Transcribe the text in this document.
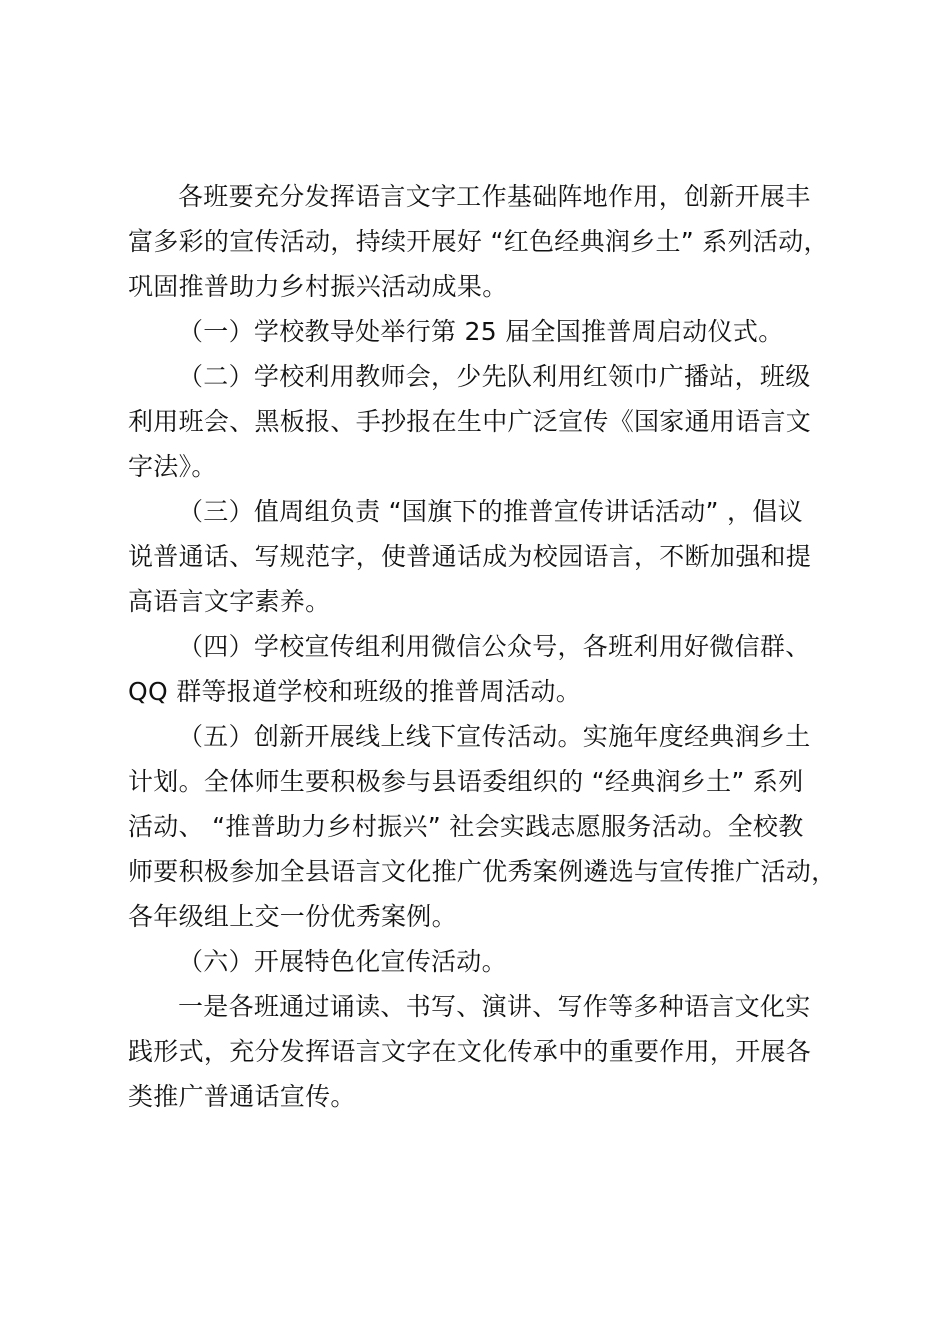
各班要充分发挥语言文字工作基础阵地作用，创新开展丰
富多彩的宣传活动，持续开展好 “红色经典润乡土” 系列活动，
巩固推普助力乡村振兴活动成果。

（一）学校教导处举行第 25 届全国推普周启动仪式。

（二）学校利用教师会，少先队利用红领巾广播站，班级
利用班会、黑板报、手抄报在生中广泛宣传《国家通用语言文
字法》。

（三）值周组负责 “国旗下的推普宣传讲话活动” ，倡议
说普通话、写规范字，使普通话成为校园语言，不断加强和提
高语言文字素养。

（四）学校宣传组利用微信公众号，各班利用好微信群、
QQ 群等报道学校和班级的推普周活动。

（五）创新开展线上线下宣传活动。实施年度经典润乡土
计划。全体师生要积极参与县语委组织的 “经典润乡土” 系列
活动、 “推普助力乡村振兴” 社会实践志愿服务活动。全校教
师要积极参加全县语言文化推广优秀案例遴选与宣传推广活动，
各年级组上交一份优秀案例。

（六）开展特色化宣传活动。

一是各班通过诵读、书写、演讲、写作等多种语言文化实
践形式，充分发挥语言文字在文化传承中的重要作用，开展各
类推广普通话宣传。
